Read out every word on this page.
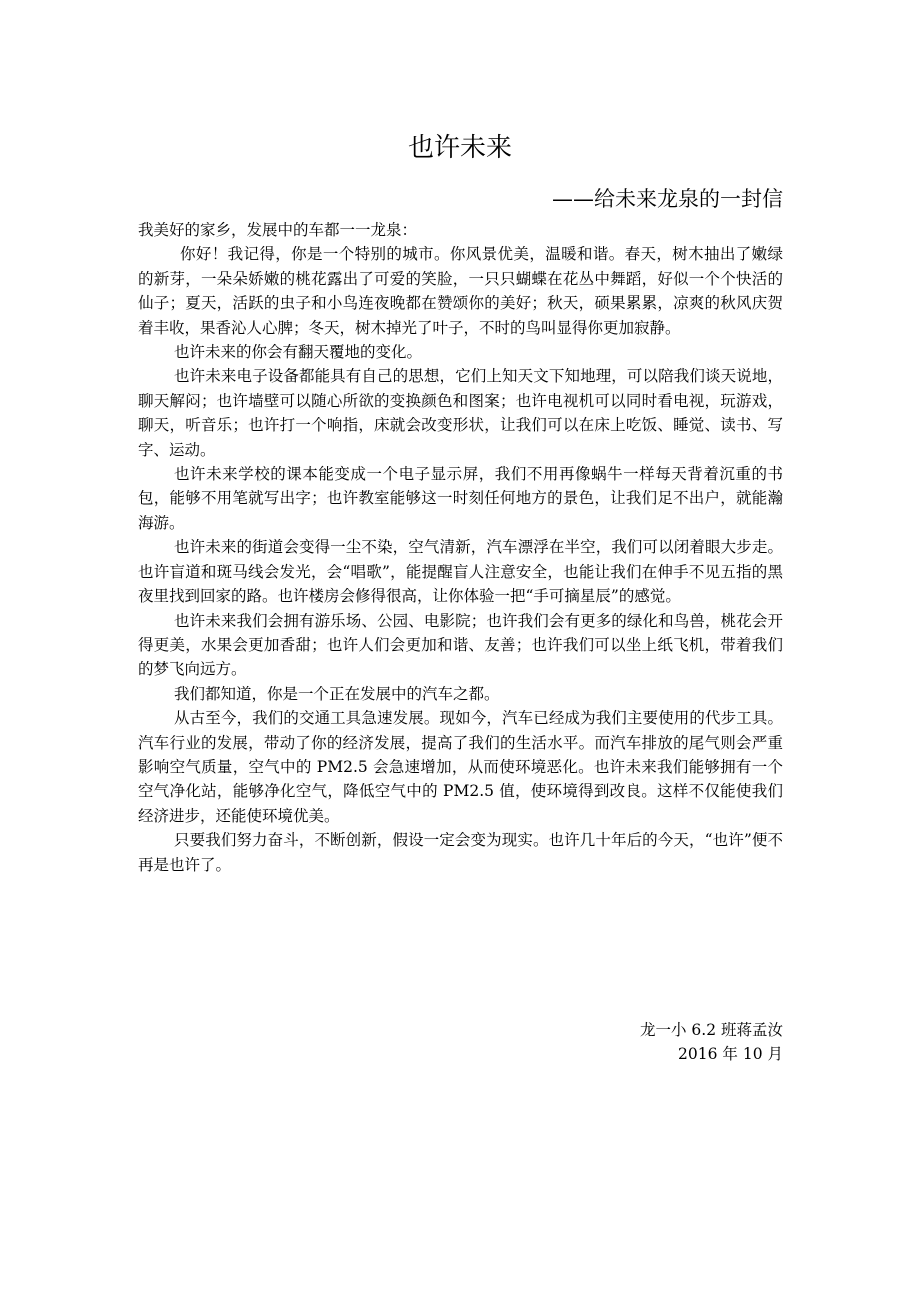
也许未来
——给未来龙泉的一封信

我美好的家乡，发展中的车都一一龙泉：

你好！我记得，你是一个特别的城市。你风景优美，温暖和谐。春天，树木抽出了嫩绿的新芽，一朵朵娇嫩的桃花露出了可爱的笑脸，一只只蝴蝶在花丛中舞蹈，好似一个个快活的仙子；夏天，活跃的虫子和小鸟连夜晚都在赞颂你的美好；秋天，硕果累累，凉爽的秋风庆贺着丰收，果香沁人心脾；冬天，树木掉光了叶子，不时的鸟叫显得你更加寂静。

也许未来的你会有翻天覆地的变化。

也许未来电子设备都能具有自己的思想，它们上知天文下知地理，可以陪我们谈天说地，聊天解闷；也许墙壁可以随心所欲的变换颜色和图案；也许电视机可以同时看电视，玩游戏，聊天，听音乐；也许打一个响指，床就会改变形状，让我们可以在床上吃饭、睡觉、读书、写字、运动。

也许未来学校的课本能变成一个电子显示屏，我们不用再像蜗牛一样每天背着沉重的书包，能够不用笔就写出字；也许教室能够这一时刻任何地方的景色，让我们足不出户，就能瀚海游。

也许未来的街道会变得一尘不染，空气清新，汽车漂浮在半空，我们可以闭着眼大步走。也许盲道和斑马线会发光，会“唱歌”，能提醒盲人注意安全，也能让我们在伸手不见五指的黑夜里找到回家的路。也许楼房会修得很高，让你体验一把“手可摘星辰”的感觉。

也许未来我们会拥有游乐场、公园、电影院；也许我们会有更多的绿化和鸟兽，桃花会开得更美，水果会更加香甜；也许人们会更加和谐、友善；也许我们可以坐上纸飞机，带着我们的梦飞向远方。

我们都知道，你是一个正在发展中的汽车之都。

从古至今，我们的交通工具急速发展。现如今，汽车已经成为我们主要使用的代步工具。汽车行业的发展，带动了你的经济发展，提高了我们的生活水平。而汽车排放的尾气则会严重影响空气质量，空气中的 PM2.5 会急速增加，从而使环境恶化。也许未来我们能够拥有一个空气净化站，能够净化空气，降低空气中的 PM2.5 值，使环境得到改良。这样不仅能使我们经济进步，还能使环境优美。

只要我们努力奋斗，不断创新，假设一定会变为现实。也许几十年后的今天，“也许”便不再是也许了。

龙一小 6.2 班蒋孟汝
2016 年 10 月
